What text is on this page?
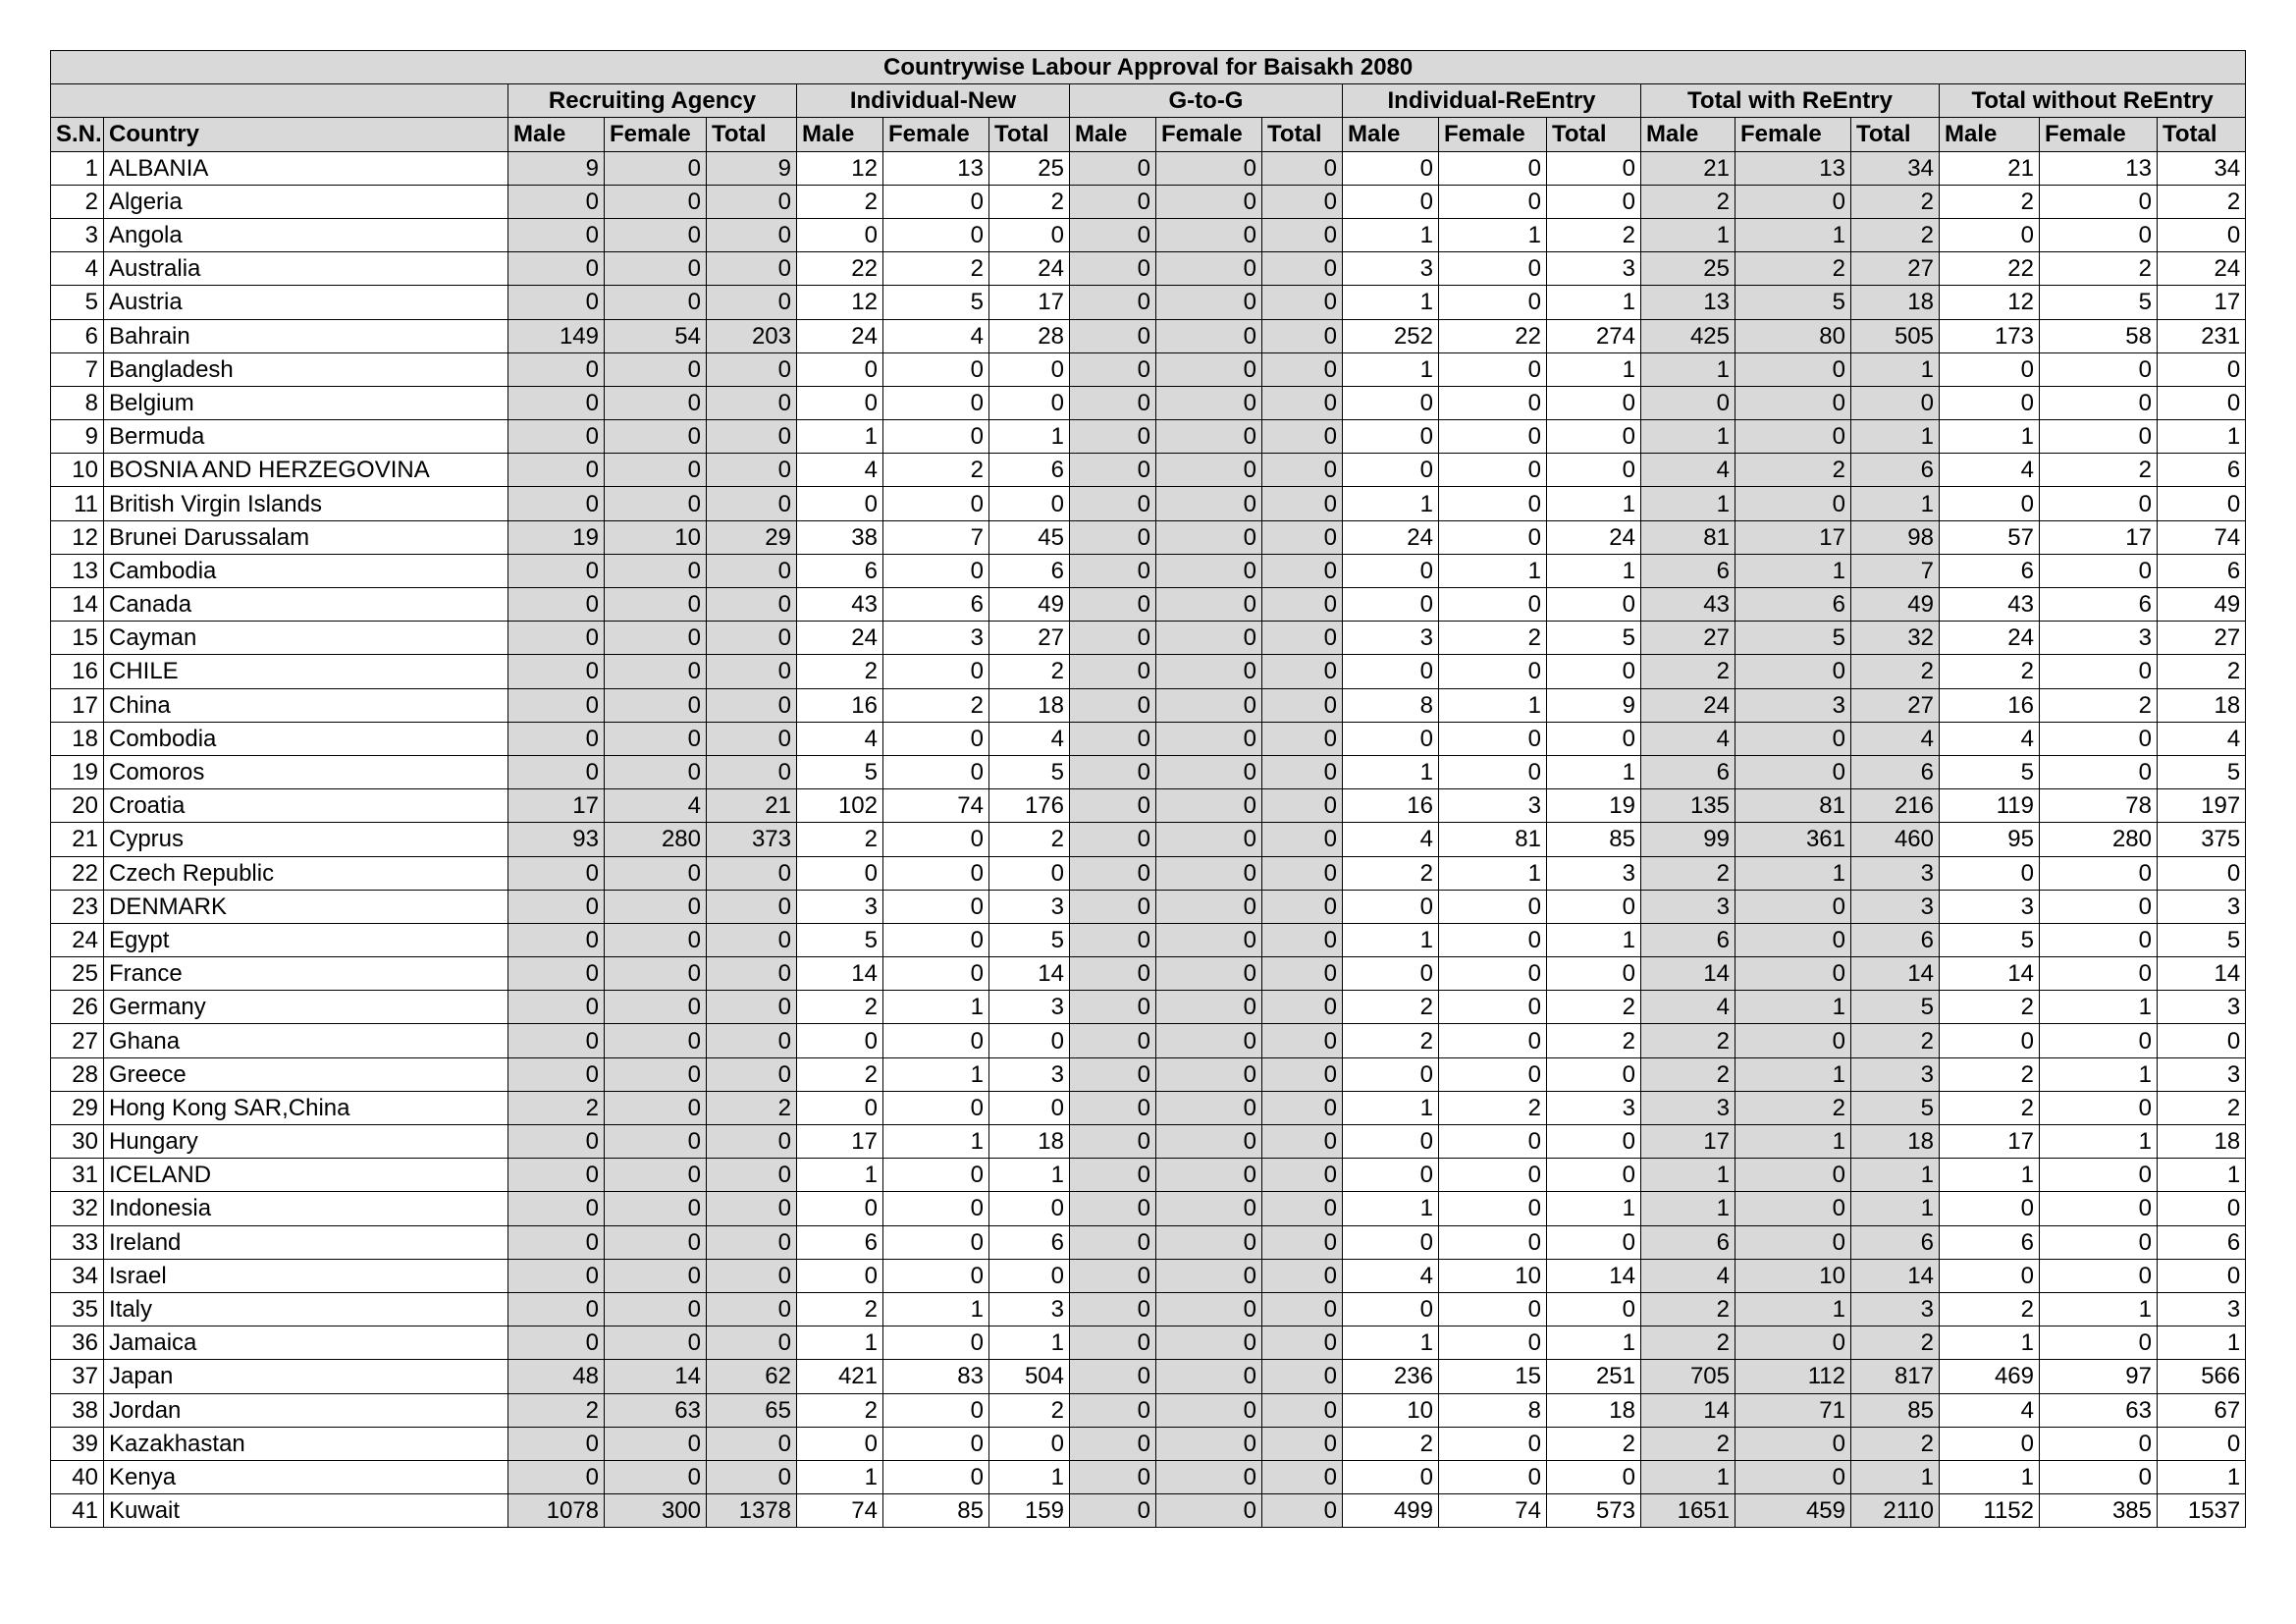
Countrywise Labour Approval for Baisakh 2080																			
		Recruiting Agency			Individual-New			G-to-G			Individual-ReEntry			Total with ReEntry			Total without ReEntry		
S.N.	Country	Male	Female	Total	Male	Female	Total	Male	Female	Total	Male	Female	Total	Male	Female	Total	Male	Female	Total
1	ALBANIA	9	0	9	12	13	25	0	0	0	0	0	0	21	13	34	21	13	34
2	Algeria	0	0	0	2	0	2	0	0	0	0	0	0	2	0	2	2	0	2
3	Angola	0	0	0	0	0	0	0	0	0	1	1	2	1	1	2	0	0	0
4	Australia	0	0	0	22	2	24	0	0	0	3	0	3	25	2	27	22	2	24
5	Austria	0	0	0	12	5	17	0	0	0	1	0	1	13	5	18	12	5	17
6	Bahrain	149	54	203	24	4	28	0	0	0	252	22	274	425	80	505	173	58	231
7	Bangladesh	0	0	0	0	0	0	0	0	0	1	0	1	1	0	1	0	0	0
8	Belgium	0	0	0	0	0	0	0	0	0	0	0	0	0	0	0	0	0	0
9	Bermuda	0	0	0	1	0	1	0	0	0	0	0	0	1	0	1	1	0	1
10	BOSNIA AND HERZEGOVINA	0	0	0	4	2	6	0	0	0	0	0	0	4	2	6	4	2	6
11	British Virgin Islands	0	0	0	0	0	0	0	0	0	1	0	1	1	0	1	0	0	0
12	Brunei Darussalam	19	10	29	38	7	45	0	0	0	24	0	24	81	17	98	57	17	74
13	Cambodia	0	0	0	6	0	6	0	0	0	0	1	1	6	1	7	6	0	6
14	Canada	0	0	0	43	6	49	0	0	0	0	0	0	43	6	49	43	6	49
15	Cayman	0	0	0	24	3	27	0	0	0	3	2	5	27	5	32	24	3	27
16	CHILE	0	0	0	2	0	2	0	0	0	0	0	0	2	0	2	2	0	2
17	China	0	0	0	16	2	18	0	0	0	8	1	9	24	3	27	16	2	18
18	Combodia	0	0	0	4	0	4	0	0	0	0	0	0	4	0	4	4	0	4
19	Comoros	0	0	0	5	0	5	0	0	0	1	0	1	6	0	6	5	0	5
20	Croatia	17	4	21	102	74	176	0	0	0	16	3	19	135	81	216	119	78	197
21	Cyprus	93	280	373	2	0	2	0	0	0	4	81	85	99	361	460	95	280	375
22	Czech Republic	0	0	0	0	0	0	0	0	0	2	1	3	2	1	3	0	0	0
23	DENMARK	0	0	0	3	0	3	0	0	0	0	0	0	3	0	3	3	0	3
24	Egypt	0	0	0	5	0	5	0	0	0	1	0	1	6	0	6	5	0	5
25	France	0	0	0	14	0	14	0	0	0	0	0	0	14	0	14	14	0	14
26	Germany	0	0	0	2	1	3	0	0	0	2	0	2	4	1	5	2	1	3
27	Ghana	0	0	0	0	0	0	0	0	0	2	0	2	2	0	2	0	0	0
28	Greece	0	0	0	2	1	3	0	0	0	0	0	0	2	1	3	2	1	3
29	Hong Kong SAR,China	2	0	2	0	0	0	0	0	0	1	2	3	3	2	5	2	0	2
30	Hungary	0	0	0	17	1	18	0	0	0	0	0	0	17	1	18	17	1	18
31	ICELAND	0	0	0	1	0	1	0	0	0	0	0	0	1	0	1	1	0	1
32	Indonesia	0	0	0	0	0	0	0	0	0	1	0	1	1	0	1	0	0	0
33	Ireland	0	0	0	6	0	6	0	0	0	0	0	0	6	0	6	6	0	6
34	Israel	0	0	0	0	0	0	0	0	0	4	10	14	4	10	14	0	0	0
35	Italy	0	0	0	2	1	3	0	0	0	0	0	0	2	1	3	2	1	3
36	Jamaica	0	0	0	1	0	1	0	0	0	1	0	1	2	0	2	1	0	1
37	Japan	48	14	62	421	83	504	0	0	0	236	15	251	705	112	817	469	97	566
38	Jordan	2	63	65	2	0	2	0	0	0	10	8	18	14	71	85	4	63	67
39	Kazakhastan	0	0	0	0	0	0	0	0	0	2	0	2	2	0	2	0	0	0
40	Kenya	0	0	0	1	0	1	0	0	0	0	0	0	1	0	1	1	0	1
41	Kuwait	1078	300	1378	74	85	159	0	0	0	499	74	573	1651	459	2110	1152	385	1537
